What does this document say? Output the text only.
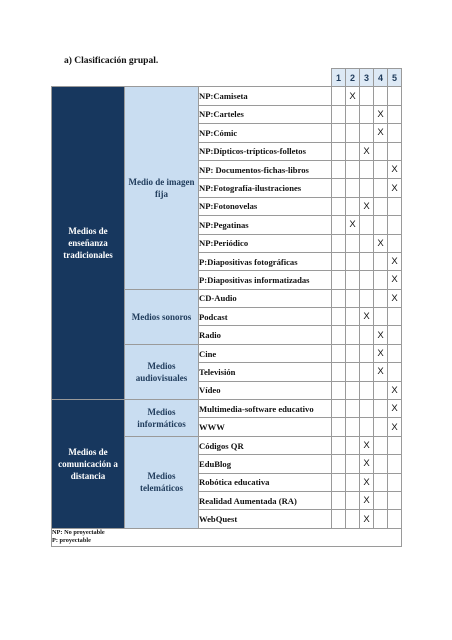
a) Clasificación grupal.
			1	2	3	4	5
Medios de enseñanza tradicionales	Medio de imagen fija	NP:Camiseta		X			
		NP:Carteles				X	
		NP:Cómic				X	
		NP:Dípticos-trípticos-folletos			X		
		NP: Documentos-fichas-libros					X
		NP:Fotografía-ilustraciones					X
		NP:Fotonovelas			X		
		NP:Pegatinas		X			
		NP:Periódico				X	
		P:Diapositivas fotográficas					X
		P:Diapositivas informatizadas					X
	Medios sonoros	CD-Audio					X
		Podcast			X		
		Radio				X	
	Medios audiovisuales	Cine				X	
		Televisión				X	
		Vídeo					X
Medios de comunicación a distancia	Medios informáticos	Multimedia-software educativo					X
		WWW					X
	Medios telemáticos	Códigos QR			X		
		EduBlog			X		
		Robótica educativa			X		
		Realidad Aumentada (RA)			X		
		WebQuest			X		

NP: No proyectable
P: proyectable							
